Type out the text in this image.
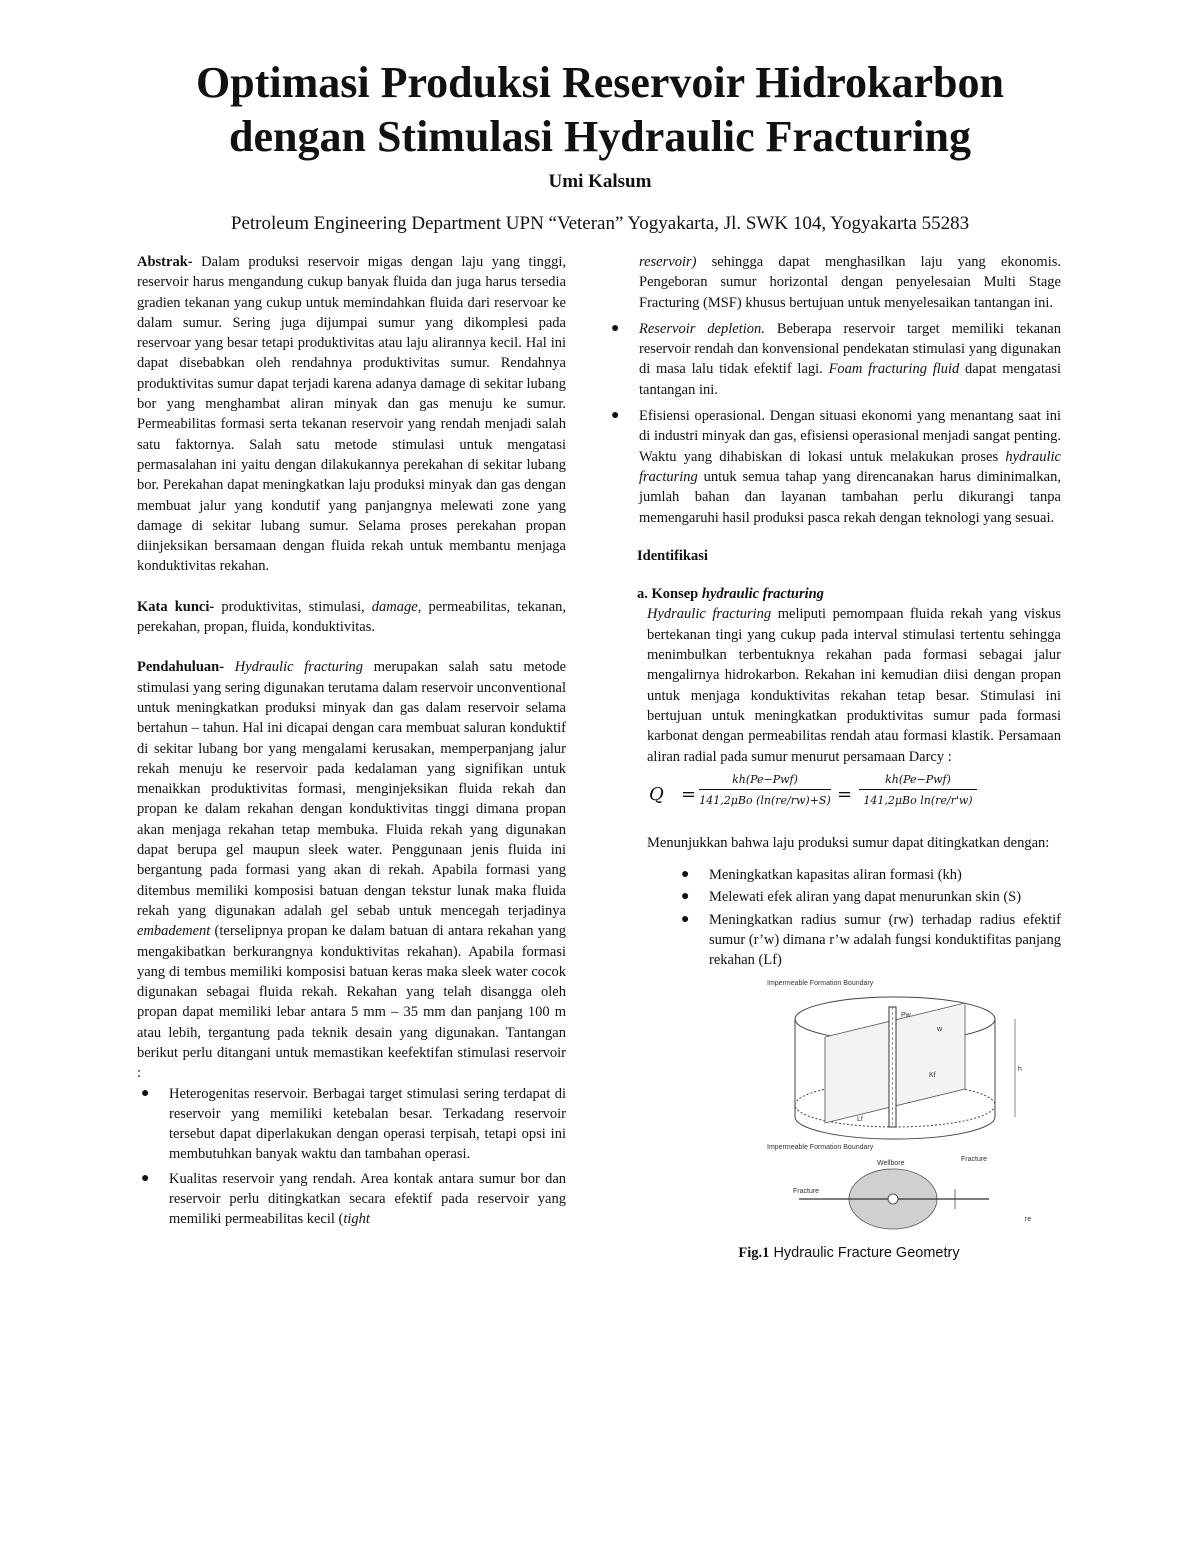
Optimasi Produksi Reservoir Hidrokarbon
dengan Stimulasi Hydraulic Fracturing

Umi Kalsum

Petroleum Engineering Department UPN “Veteran” Yogyakarta, Jl. SWK 104, Yogyakarta 55283

Abstrak- Dalam produksi reservoir migas dengan laju yang tinggi, reservoir harus mengandung cukup banyak fluida dan juga harus tersedia gradien tekanan yang cukup untuk memindahkan fluida dari reservoar ke dalam sumur. Sering juga dijumpai sumur yang dikomplesi pada reservoar yang besar tetapi produktivitas atau laju alirannya kecil. Hal ini dapat disebabkan oleh rendahnya produktivitas sumur. Rendahnya produktivitas sumur dapat terjadi karena adanya damage di sekitar lubang bor yang menghambat aliran minyak dan gas menuju ke sumur. Permeabilitas formasi serta tekanan reservoir yang rendah menjadi salah satu faktornya. Salah satu metode stimulasi untuk mengatasi permasalahan ini yaitu dengan dilakukannya perekahan di sekitar lubang bor. Perekahan dapat meningkatkan laju produksi minyak dan gas dengan membuat jalur yang kondutif yang panjangnya melewati zone yang damage di sekitar lubang sumur. Selama proses perekahan propan diinjeksikan bersamaan dengan fluida rekah untuk membantu menjaga konduktivitas rekahan.

Kata kunci- produktivitas, stimulasi, damage, permeabilitas, tekanan, perekahan, propan, fluida, konduktivitas.

Pendahuluan- Hydraulic fracturing merupakan salah satu metode stimulasi yang sering digunakan terutama dalam reservoir unconventional untuk meningkatkan produksi minyak dan gas dalam reservoir selama bertahun – tahun. Hal ini dicapai dengan cara membuat saluran konduktif di sekitar lubang bor yang mengalami kerusakan, memperpanjang jalur rekah menuju ke reservoir pada kedalaman yang signifikan untuk menaikkan produktivitas formasi, menginjeksikan fluida rekah dan propan ke dalam rekahan dengan konduktivitas tinggi dimana propan akan menjaga rekahan tetap membuka. Fluida rekah yang digunakan dapat berupa gel maupun sleek water. Penggunaan jenis fluida ini bergantung pada formasi yang akan di rekah. Apabila formasi yang ditembus memiliki komposisi batuan dengan tekstur lunak maka fluida rekah yang digunakan adalah gel sebab untuk mencegah terjadinya embadement (terselipnya propan ke dalam batuan di antara rekahan yang mengakibatkan berkurangnya konduktivitas rekahan). Apabila formasi yang di tembus memiliki komposisi batuan keras maka sleek water cocok digunakan sebagai fluida rekah. Rekahan yang telah disangga oleh propan dapat memiliki lebar antara 5 mm – 35 mm dan panjang 100 m atau lebih, tergantung pada teknik desain yang digunakan. Tantangan berikut perlu ditangani untuk memastikan keefektifan stimulasi reservoir :

● Heterogenitas reservoir. Berbagai target stimulasi sering terdapat di reservoir yang memiliki ketebalan besar. Terkadang reservoir tersebut dapat diperlakukan dengan operasi terpisah, tetapi opsi ini membutuhkan banyak waktu dan tambahan operasi.
● Kualitas reservoir yang rendah. Area kontak antara sumur bor dan reservoir perlu ditingkatkan secara efektif pada reservoir yang memiliki permeabilitas kecil (tight
reservoir) sehingga dapat menghasilkan laju yang ekonomis. Pengeboran sumur horizontal dengan penyelesaian Multi Stage Fracturing (MSF) khusus bertujuan untuk menyelesaikan tantangan ini.
● Reservoir depletion. Beberapa reservoir target memiliki tekanan reservoir rendah dan konvensional pendekatan stimulasi yang digunakan di masa lalu tidak efektif lagi. Foam fracturing fluid dapat mengatasi tantangan ini.
● Efisiensi operasional. Dengan situasi ekonomi yang menantang saat ini di industri minyak dan gas, efisiensi operasional menjadi sangat penting. Waktu yang dihabiskan di lokasi untuk melakukan proses hydraulic fracturing untuk semua tahap yang direncanakan harus diminimalkan, jumlah bahan dan layanan tambahan perlu dikurangi tanpa memengaruhi hasil produksi pasca rekah dengan teknologi yang sesuai.

Identifikasi

a. Konsep hydraulic fracturing

Hydraulic fracturing meliputi pemompaan fluida rekah yang viskus bertekanan tingi yang cukup pada interval stimulasi tertentu sehingga menimbulkan terbentuknya rekahan pada formasi sebagai jalur mengalirnya hidrokarbon. Rekahan ini kemudian diisi dengan propan untuk menjaga konduktivitas rekahan tetap besar. Stimulasi ini bertujuan untuk meningkatkan produktivitas sumur pada formasi karbonat dengan permeabilitas rendah atau formasi klastik. Persamaan aliran radial pada sumur menurut persamaan Darcy :

Q =
kh(Pe−Pwf)
141,2μBo (ln(re/rw)+S) =
kh(Pe−Pwf)
141,2μBo ln(re/r'w)

Menunjukkan bahwa laju produksi sumur dapat ditingkatkan dengan:

● Meningkatkan kapasitas aliran formasi (kh)
● Melewati efek aliran yang dapat menurunkan skin (S)
● Meningkatkan radius sumur (rw) terhadap radius efektif sumur (r’w) dimana r’w adalah fungsi konduktifitas panjang rekahan (Lf)
h
w
Pw
Kf
Lf
Impermeable Formation Boundary
Impermeable Formation Boundary
Wellbore
Fracture
Fracture
re

Fig.1 Hydraulic Fracture Geometry
